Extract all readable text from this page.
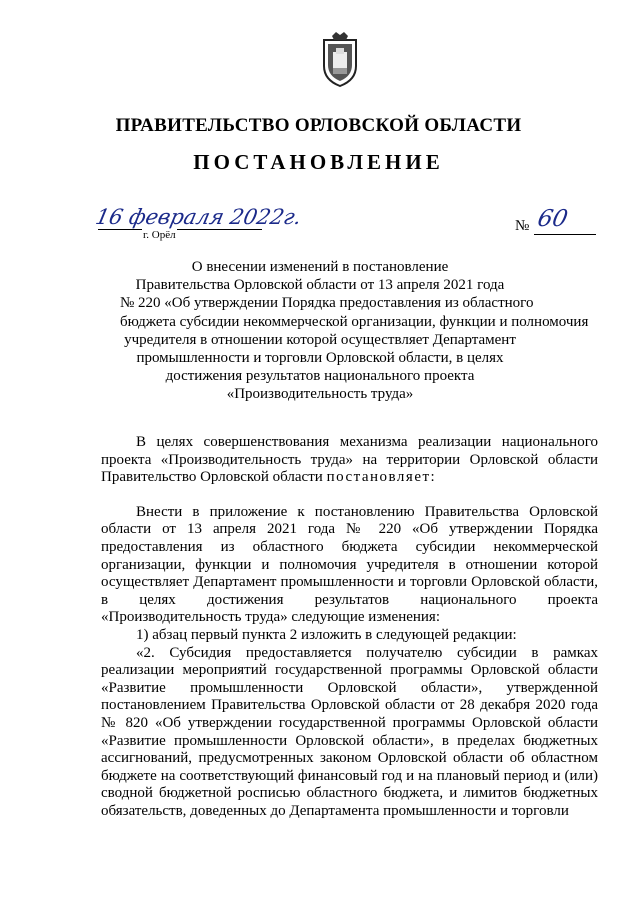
ПРАВИТЕЛЬСТВО ОРЛОВСКОЙ ОБЛАСТИ
ПОСТАНОВЛЕНИЕ
16 февраля 2022г.
г. Орёл
№ 60
О внесении изменений в постановление
Правительства Орловской области от 13 апреля 2021 года
№ 220 «Об утверждении Порядка предоставления из областного
бюджета субсидии некоммерческой организации, функции и полномочия
учредителя в отношении которой осуществляет Департамент
промышленности и торговли Орловской области, в целях
достижения результатов национального проекта
«Производительность труда»

В целях совершенствования механизма реализации национального проекта «Производительность труда» на территории Орловской области Правительство Орловской области постановляет:

Внести в приложение к постановлению Правительства Орловской области от 13 апреля 2021 года № 220 «Об утверждении Порядка предоставления из областного бюджета субсидии некоммерческой организации, функции и полномочия учредителя в отношении которой осуществляет Департамент промышленности и торговли Орловской области, в целях достижения результатов национального проекта «Производительность труда» следующие изменения:

1) абзац первый пункта 2 изложить в следующей редакции:

«2. Субсидия предоставляется получателю субсидии в рамках реализации мероприятий государственной программы Орловской области «Развитие промышленности Орловской области», утвержденной постановлением Правительства Орловской области от 28 декабря 2020 года № 820 «Об утверждении государственной программы Орловской области «Развитие промышленности Орловской области», в пределах бюджетных ассигнований, предусмотренных законом Орловской области об областном бюджете на соответствующий финансовый год и на плановый период и (или) сводной бюджетной росписью областного бюджета, и лимитов бюджетных обязательств, доведенных до Департамента промышленности и торговли
